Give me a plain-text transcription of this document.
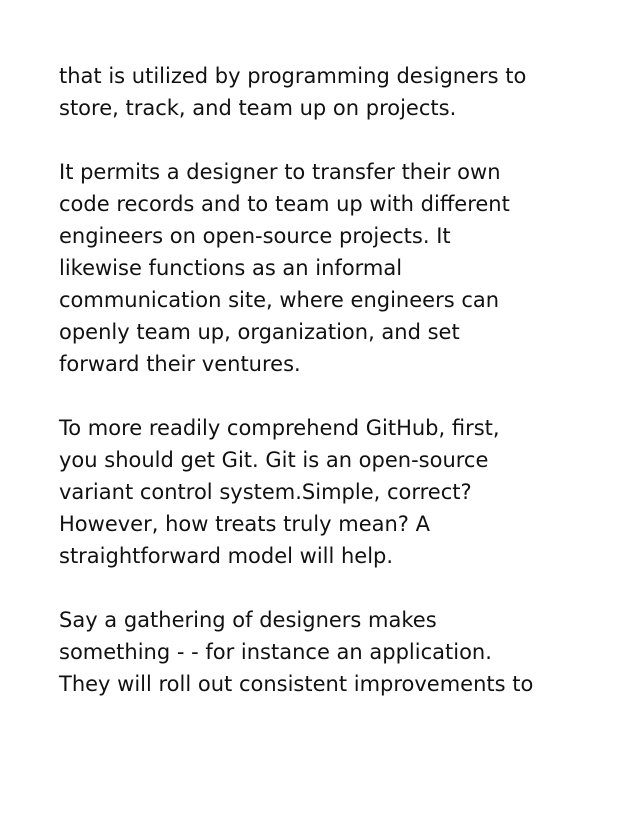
that is utilized by programming designers to
store, track, and team up on projects.

It permits a designer to transfer their own
code records and to team up with different
engineers on open-source projects. It
likewise functions as an informal
communication site, where engineers can
openly team up, organization, and set
forward their ventures.

To more readily comprehend GitHub, first,
you should get Git. Git is an open-source
variant control system.Simple, correct?
However, how treats truly mean? A
straightforward model will help.

Say a gathering of designers makes
something - - for instance an application.
They will roll out consistent improvements to
